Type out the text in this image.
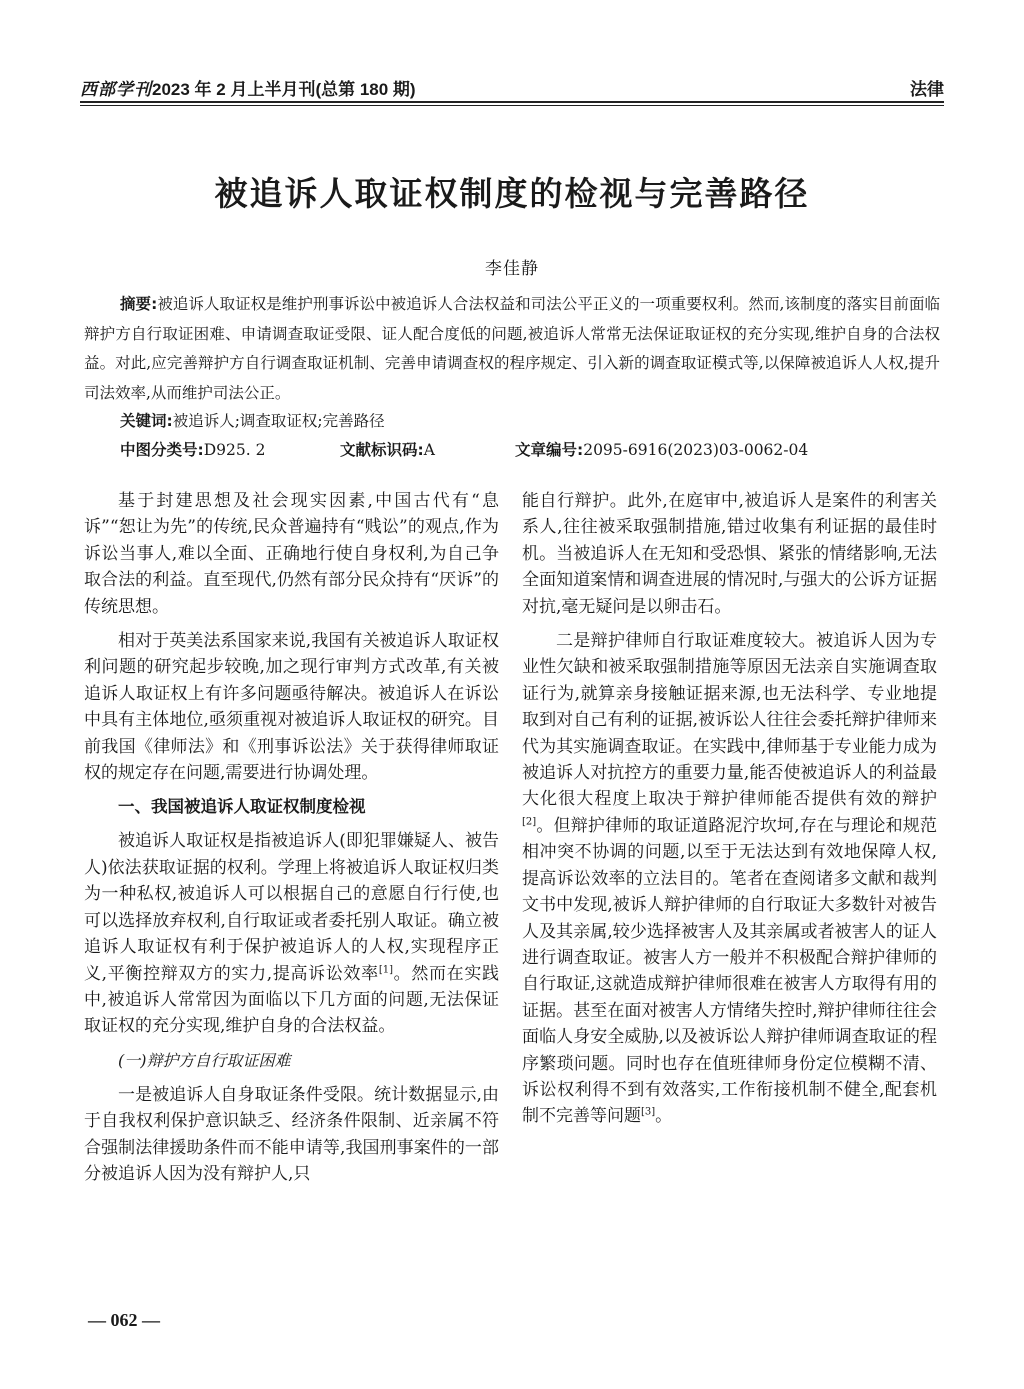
西部学刊2023 年 2 月上半月刊(总第 180 期)	法律
被追诉人取证权制度的检视与完善路径
李佳静
摘要:被追诉人取证权是维护刑事诉讼中被追诉人合法权益和司法公平正义的一项重要权利。然而,该制度的落实目前面临辩护方自行取证困难、申请调查取证受限、证人配合度低的问题,被追诉人常常无法保证取证权的充分实现,维护自身的合法权益。对此,应完善辩护方自行调查取证机制、完善申请调查权的程序规定、引入新的调查取证模式等,以保障被追诉人人权,提升司法效率,从而维护司法公正。
关键词:被追诉人;调查取证权;完善路径
中图分类号:D925. 2	文献标识码:A	文章编号:2095-6916(2023)03-0062-04

基于封建思想及社会现实因素,中国古代有“息诉”“恕让为先”的传统,民众普遍持有“贱讼”的观点,作为诉讼当事人,难以全面、正确地行使自身权利,为自己争取合法的利益。直至现代,仍然有部分民众持有“厌诉”的传统思想。

相对于英美法系国家来说,我国有关被追诉人取证权利问题的研究起步较晚,加之现行审判方式改革,有关被追诉人取证权上有许多问题亟待解决。被追诉人在诉讼中具有主体地位,亟须重视对被追诉人取证权的研究。目前我国《律师法》和《刑事诉讼法》关于获得律师取证权的规定存在问题,需要进行协调处理。

一、我国被追诉人取证权制度检视

被追诉人取证权是指被追诉人(即犯罪嫌疑人、被告人)依法获取证据的权利。学理上将被追诉人取证权归类为一种私权,被追诉人可以根据自己的意愿自行行使,也可以选择放弃权利,自行取证或者委托别人取证。确立被追诉人取证权有利于保护被追诉人的人权,实现程序正义,平衡控辩双方的实力,提高诉讼效率[1]。然而在实践中,被追诉人常常因为面临以下几方面的问题,无法保证取证权的充分实现,维护自身的合法权益。

(一)辩护方自行取证困难

一是被追诉人自身取证条件受限。统计数据显示,由于自我权利保护意识缺乏、经济条件限制、近亲属不符合强制法律援助条件而不能申请等,我国刑事案件的一部分被追诉人因为没有辩护人,只

能自行辩护。此外,在庭审中,被追诉人是案件的利害关系人,往往被采取强制措施,错过收集有利证据的最佳时机。当被追诉人在无知和受恐惧、紧张的情绪影响,无法全面知道案情和调查进展的情况时,与强大的公诉方证据对抗,毫无疑问是以卵击石。

二是辩护律师自行取证难度较大。被追诉人因为专业性欠缺和被采取强制措施等原因无法亲自实施调查取证行为,就算亲身接触证据来源,也无法科学、专业地提取到对自己有利的证据,被诉讼人往往会委托辩护律师来代为其实施调查取证。在实践中,律师基于专业能力成为被追诉人对抗控方的重要力量,能否使被追诉人的利益最大化很大程度上取决于辩护律师能否提供有效的辩护[2]。但辩护律师的取证道路泥泞坎坷,存在与理论和规范相冲突不协调的问题,以至于无法达到有效地保障人权,提高诉讼效率的立法目的。笔者在查阅诸多文献和裁判文书中发现,被诉人辩护律师的自行取证大多数针对被告人及其亲属,较少选择被害人及其亲属或者被害人的证人进行调查取证。被害人方一般并不积极配合辩护律师的自行取证,这就造成辩护律师很难在被害人方取得有用的证据。甚至在面对被害人方情绪失控时,辩护律师往往会面临人身安全威胁,以及被诉讼人辩护律师调查取证的程序繁琐问题。同时也存在值班律师身份定位模糊不清、诉讼权利得不到有效落实,工作衔接机制不健全,配套机制不完善等问题[3]。

— 062 —
